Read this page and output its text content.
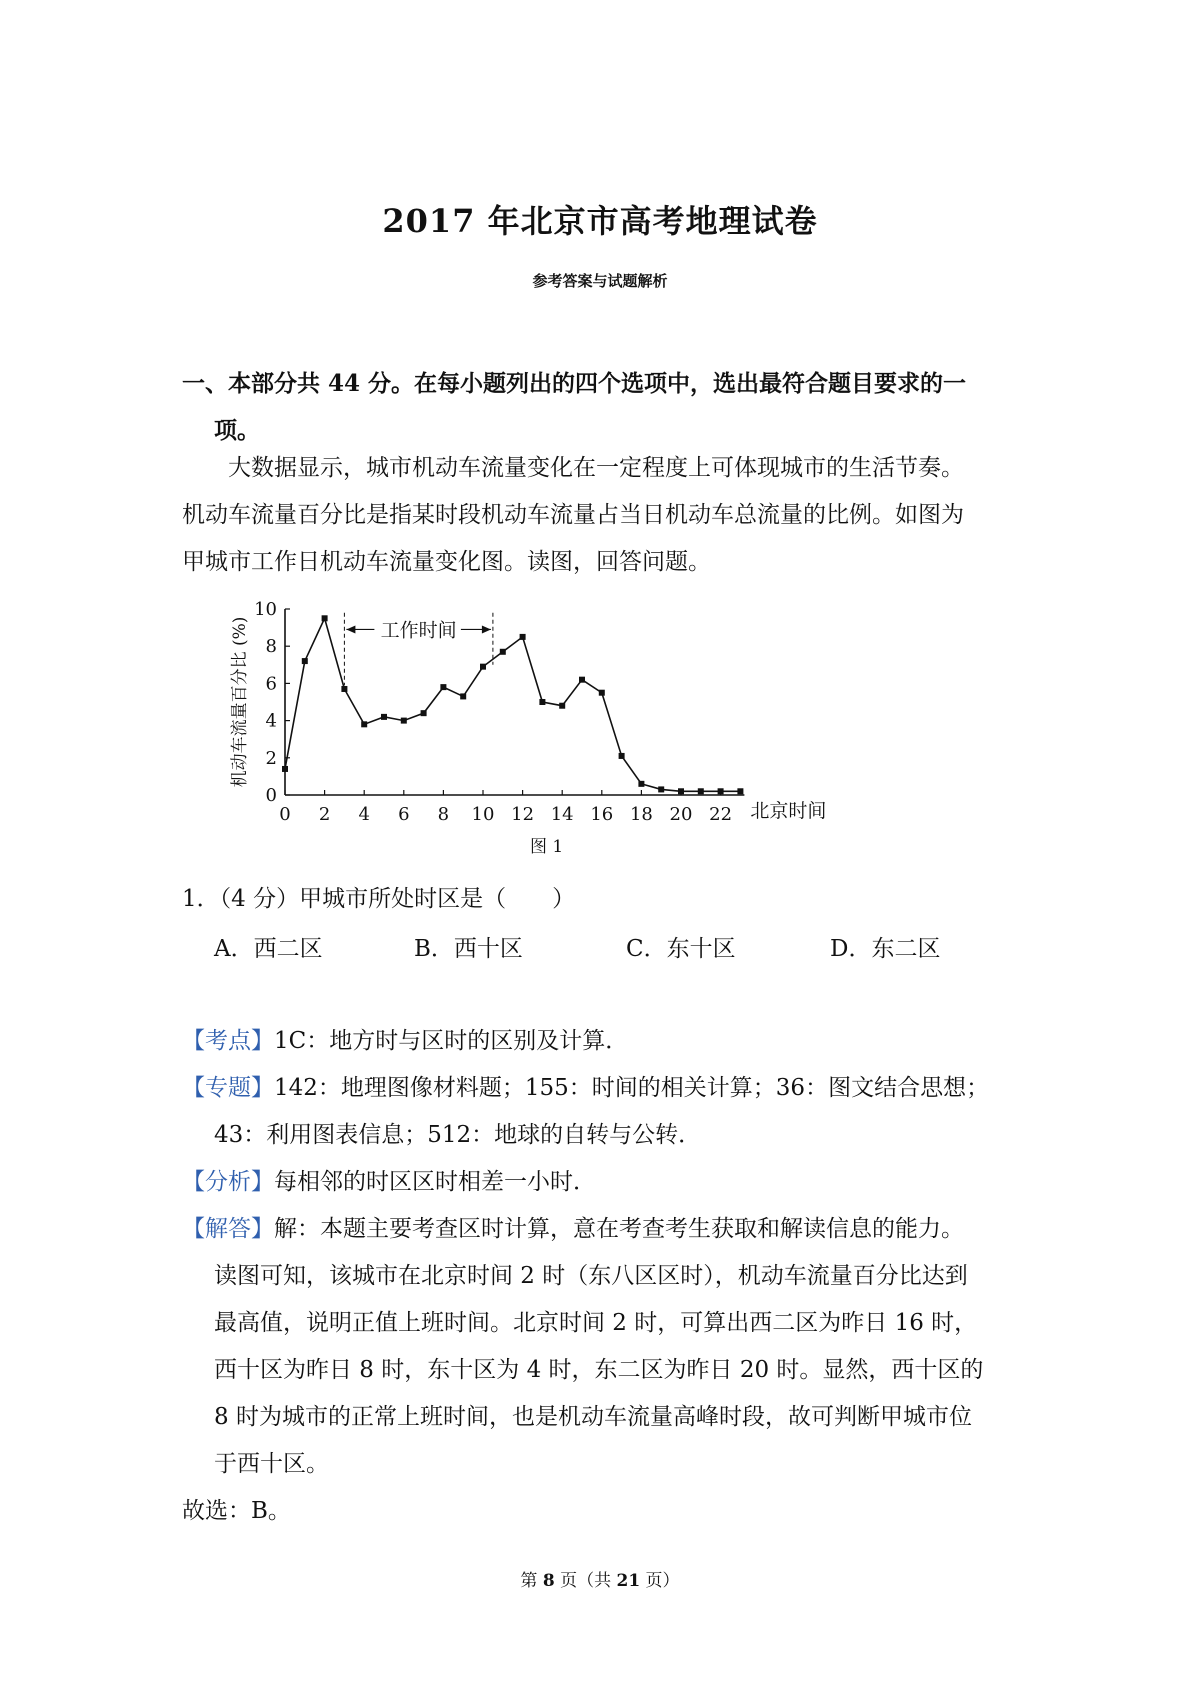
2017 年北京市高考地理试卷
参考答案与试题解析
一、本部分共 44 分。在每小题列出的四个选项中，选出最符合题目要求的一
项。
大数据显示，城市机动车流量变化在一定程度上可体现城市的生活节奏。
机动车流量百分比是指某时段机动车流量占当日机动车总流量的比例。如图为
甲城市工作日机动车流量变化图。读图，回答问题。
0
2
4
6
8
10
0 2 4 6 8 10 12 14 16 18 20 22 北京时间
机动车流量百分比 (%)	工作时间
图 1
1．（4 分）甲城市所处时区是（　　）
A．西二区	B．西十区	C．东十区	D．东二区
【考点】1C：地方时与区时的区别及计算．
【专题】142：地理图像材料题；155：时间的相关计算；36：图文结合思想；
43：利用图表信息；512：地球的自转与公转．
【分析】每相邻的时区区时相差一小时．
【解答】解：本题主要考查区时计算，意在考查考生获取和解读信息的能力。
读图可知，该城市在北京时间 2 时（东八区区时），机动车流量百分比达到
最高值，说明正值上班时间。北京时间 2 时，可算出西二区为昨日 16 时，
西十区为昨日 8 时，东十区为 4 时，东二区为昨日 20 时。显然，西十区的
8 时为城市的正常上班时间，也是机动车流量高峰时段，故可判断甲城市位
于西十区。
故选：B。
第 8 页（共 21 页）
